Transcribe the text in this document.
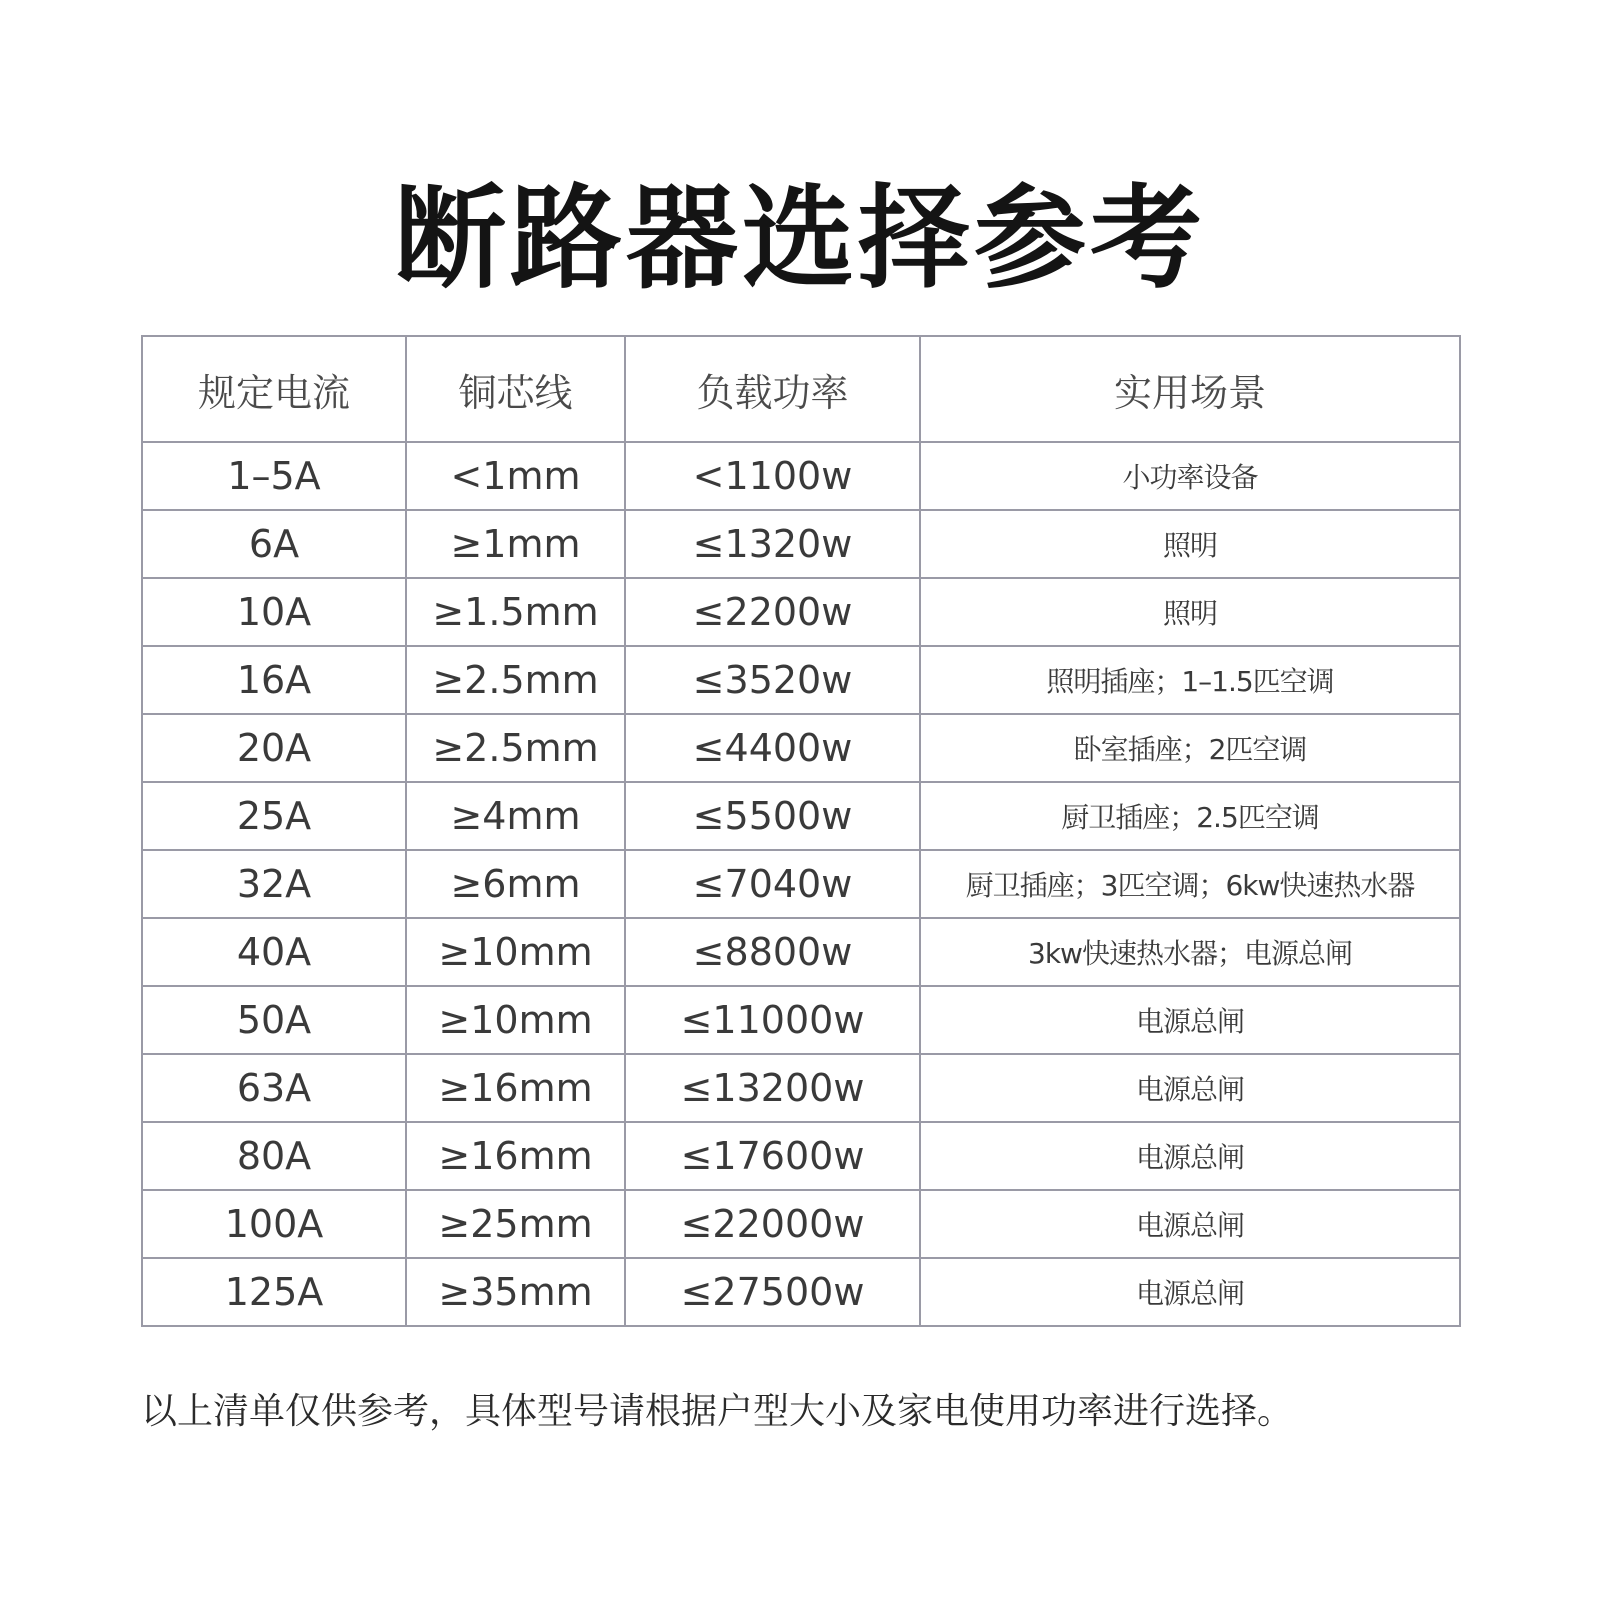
断路器选择参考
规定电流	铜芯线	负载功率	实用场景
1–5A	<1mm	<1100w	小功率设备
6A	≥1mm	≤1320w	照明
10A	≥1.5mm	≤2200w	照明
16A	≥2.5mm	≤3520w	照明插座；1–1.5匹空调
20A	≥2.5mm	≤4400w	卧室插座；2匹空调
25A	≥4mm	≤5500w	厨卫插座；2.5匹空调
32A	≥6mm	≤7040w	厨卫插座；3匹空调；6kw快速热水器
40A	≥10mm	≤8800w	3kw快速热水器；电源总闸
50A	≥10mm	≤11000w	电源总闸
63A	≥16mm	≤13200w	电源总闸
80A	≥16mm	≤17600w	电源总闸
100A	≥25mm	≤22000w	电源总闸
125A	≥35mm	≤27500w	电源总闸
以上清单仅供参考，具体型号请根据户型大小及家电使用功率进行选择。
